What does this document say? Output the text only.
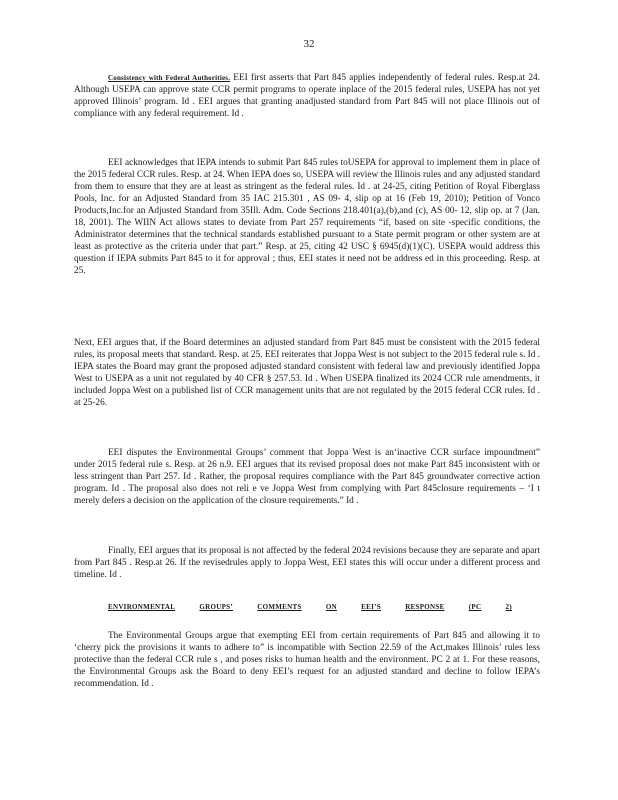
32

Consistency with Federal Authorities. EEI first asserts that Part 845 applies independently of federal rules. Resp.at 24. Although USEPA can approve state CCR permit programs to operate inplace of the 2015 federal rules, USEPA has not yet approved Illinois’ program. Id . EEI argues that granting anadjusted standard from Part 845 will not place Illinois out of compliance with any federal requirement. Id .

EEI acknowledges that IEPA intends to submit Part 845 rules toUSEPA for approval to implement them in place of the 2015 federal CCR rules. Resp. at 24. When IEPA does so, USEPA will review the Illinois rules and any adjusted standard from them to ensure that they are at least as stringent as the federal rules. Id . at 24-25, citing Petition of Royal Fiberglass Pools, Inc. for an Adjusted Standard from 35 IAC 215.301 , AS 09- 4, slip op at 16 (Feb 19, 2010); Petition of Vonco Products,Inc.for an Adjusted Standard from 35Ill. Adm. Code Sections 218.401(a),(b),and (c), AS 00- 12, slip op. at 7 (Jan. 18, 2001). The WIIN Act allows states to deviate from Part 257 requirements “if, based on site -specific conditions, the Administrator determines that the technical standards established pursuant to a State permit program or other system are at least as protective as the criteria under that part.” Resp. at 25, citing 42 USC § 6945(d)(1)(C). USEPA would address this question if IEPA submits Part 845 to it for approval ; thus, EEI states it need not be address ed in this proceeding. Resp. at 25.

Next, EEI argues that, if the Board determines an adjusted standard from Part 845 must be consistent with the 2015 federal rules, its proposal meets that standard. Resp. at 25. EEI reiterates that Joppa West is not subject to the 2015 federal rule s. Id . IEPA states the Board may grant the proposed adjusted standard consistent with federal law and previously identified Joppa West to USEPA as a unit not regulated by 40 CFR § 257.53. Id . When USEPA finalized its 2024 CCR rule amendments, it included Joppa West on a published list of CCR management units that are not regulated by the 2015 federal CCR rules. Id . at 25-26.

EEI disputes the Environmental Groups’ comment that Joppa West is an‘inactive CCR surface impoundment” under 2015 federal rule s. Resp. at 26 n.9. EEI argues that its revised proposal does not make Part 845 inconsistent with or less stringent than Part 257. Id . Rather, the proposal requires compliance with the Part 845 groundwater corrective action program. Id . The proposal also does not reli e ve Joppa West from complying with Part 845closure requirements – ‘I t merely defers a decision on the application of the closure requirements.” Id .

Finally, EEI argues that its proposal is not affected by the federal 2024 revisions because they are separate and apart from Part 845 . Resp.at 26. If the revisedrules apply to Joppa West, EEI states this will occur under a different process and timeline. Id .

ENVIRONMENTAL	GROUPS’	COMMENTS	ON	EEI’S	RESPONSE	(PC	2)

The Environmental Groups argue that exempting EEI from certain requirements of Part 845 and allowing it to ‘cherry pick the provisions it wants to adhere to” is incompatible with Section 22.59 of the Act,makes Illinois’ rules less protective than the federal CCR rule s , and poses risks to human health and the environment. PC 2 at 1. For these reasons, the Environmental Groups ask the Board to deny EEI’s request for an adjusted standard and decline to follow IEPA’s recommendation. Id .
